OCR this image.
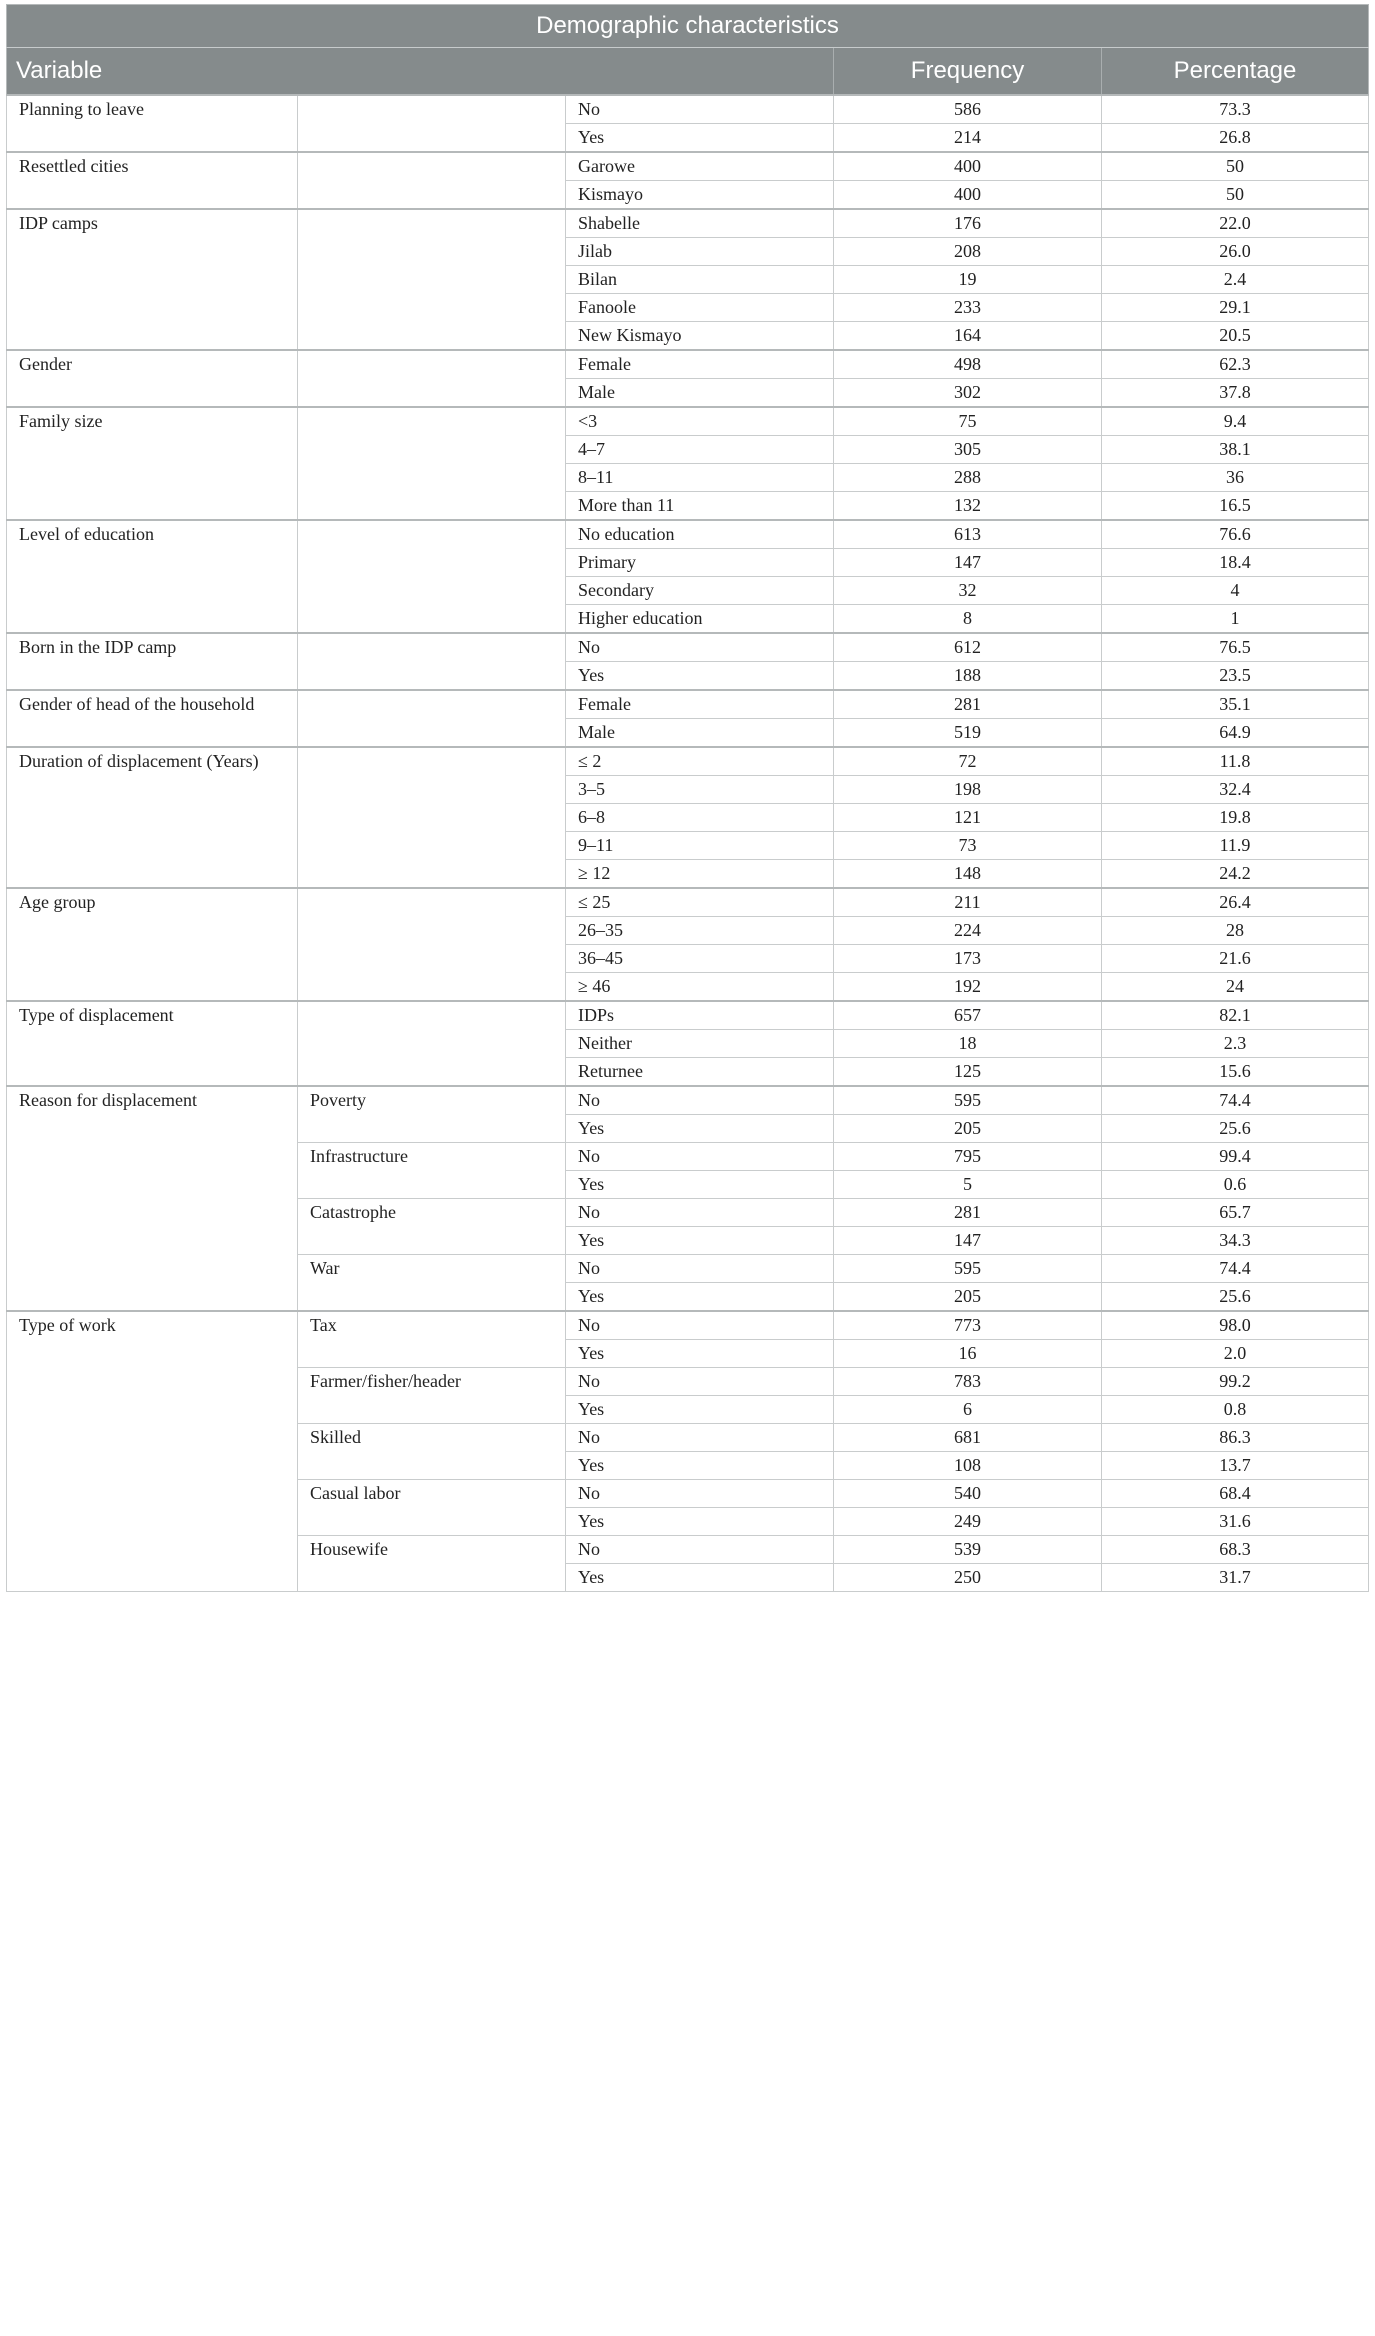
Demographic characteristics				
Variable			Frequency	Percentage
Planning to leave		No	586	73.3
		Yes	214	26.8
Resettled cities		Garowe	400	50
		Kismayo	400	50
IDP camps		Shabelle	176	22.0
		Jilab	208	26.0
		Bilan	19	2.4
		Fanoole	233	29.1
		New Kismayo	164	20.5
Gender		Female	498	62.3
		Male	302	37.8
Family size		<3	75	9.4
		4–7	305	38.1
		8–11	288	36
		More than 11	132	16.5
Level of education		No education	613	76.6
		Primary	147	18.4
		Secondary	32	4
		Higher education	8	1
Born in the IDP camp		No	612	76.5
		Yes	188	23.5
Gender of head of the household		Female	281	35.1
		Male	519	64.9
Duration of displacement (Years)		≤ 2	72	11.8
		3–5	198	32.4
		6–8	121	19.8
		9–11	73	11.9
		≥ 12	148	24.2
Age group		≤ 25	211	26.4
		26–35	224	28
		36–45	173	21.6
		≥ 46	192	24
Type of displacement		IDPs	657	82.1
		Neither	18	2.3
		Returnee	125	15.6
Reason for displacement	Poverty	No	595	74.4
		Yes	205	25.6
	Infrastructure	No	795	99.4
		Yes	5	0.6
	Catastrophe	No	281	65.7
		Yes	147	34.3
	War	No	595	74.4
		Yes	205	25.6
Type of work	Tax	No	773	98.0
		Yes	16	2.0
	Farmer/fisher/header	No	783	99.2
		Yes	6	0.8
	Skilled	No	681	86.3
		Yes	108	13.7
	Casual labor	No	540	68.4
		Yes	249	31.6
	Housewife	No	539	68.3
		Yes	250	31.7
